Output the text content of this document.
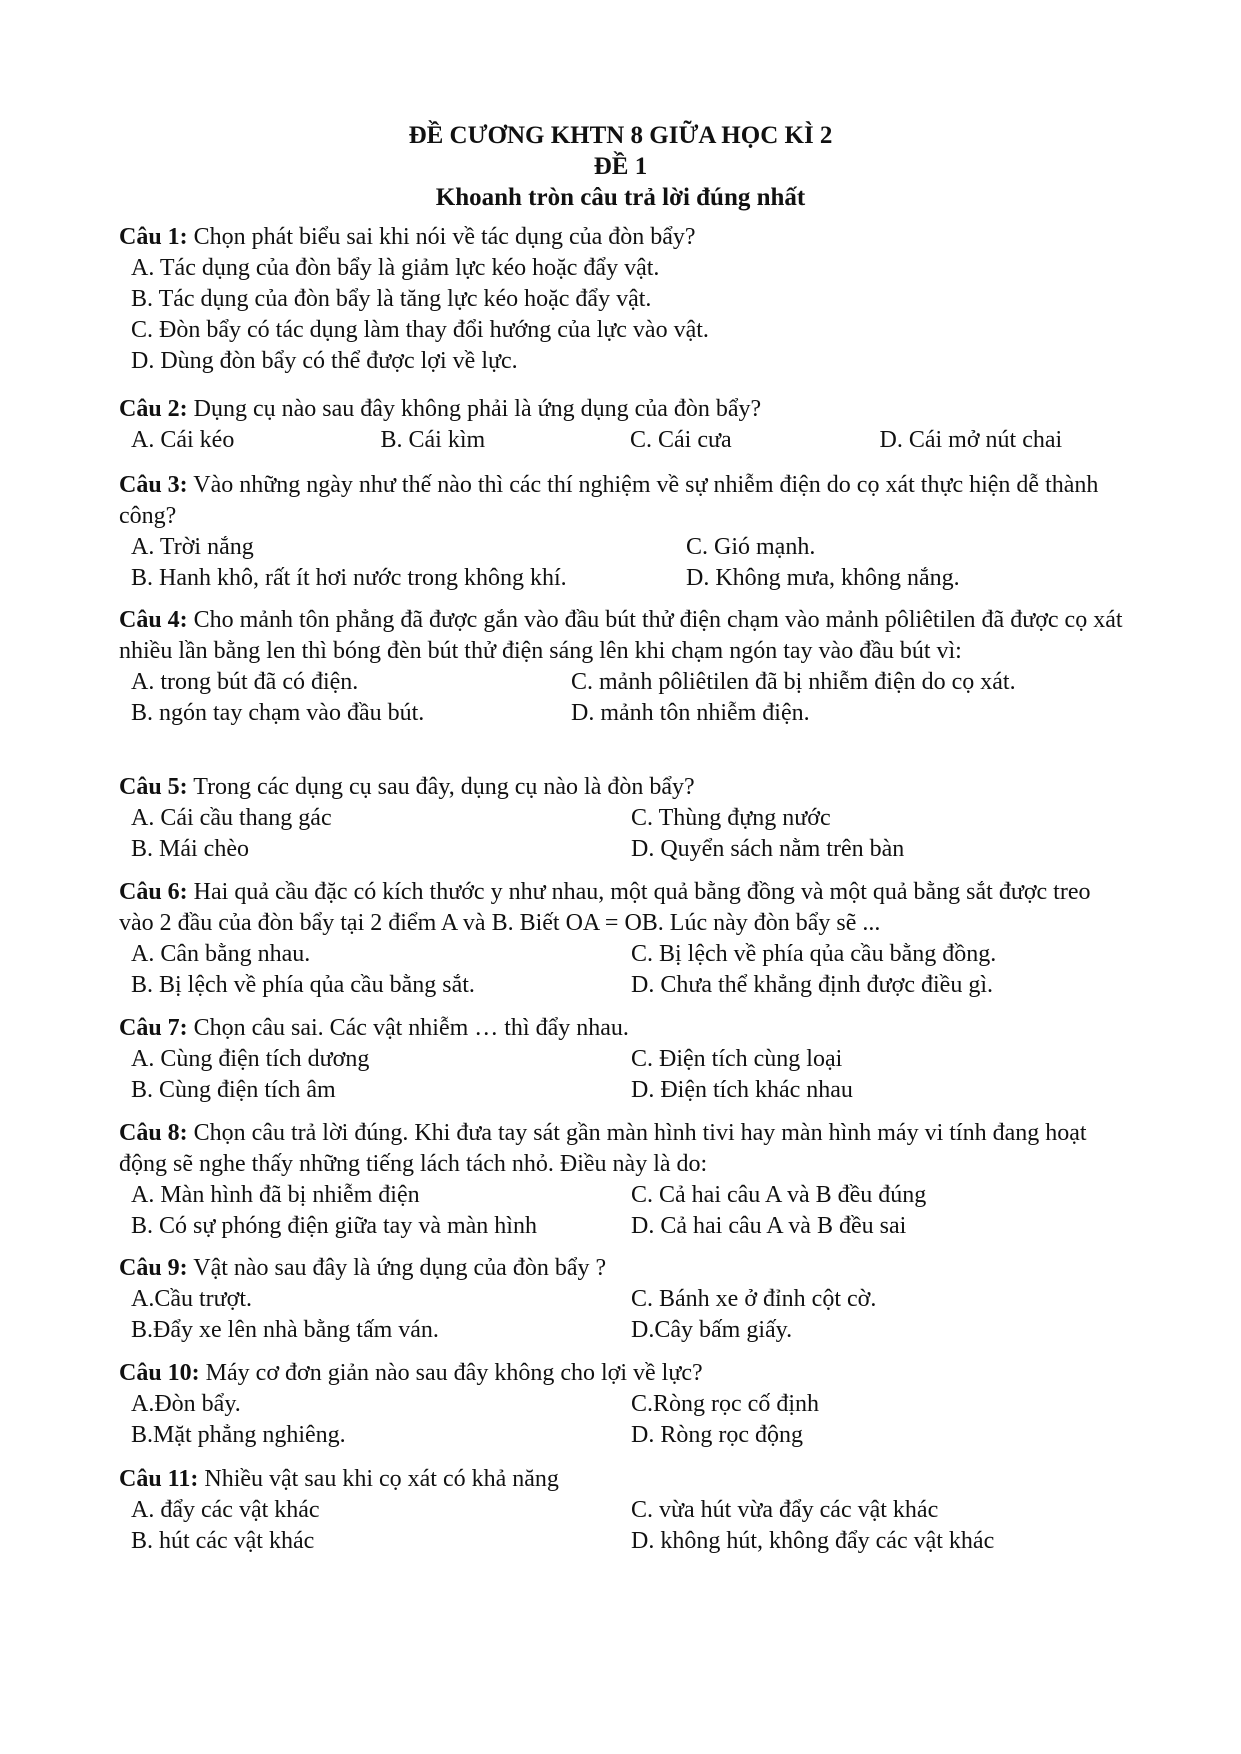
ĐỀ CƯƠNG KHTN 8 GIỮA HỌC KÌ 2
ĐỀ 1
Khoanh tròn câu trả lời đúng nhất
Câu 1: Chọn phát biểu sai khi nói về tác dụng của đòn bẩy?
A. Tác dụng của đòn bẩy là giảm lực kéo hoặc đẩy vật.
B. Tác dụng của đòn bẩy là tăng lực kéo hoặc đẩy vật.
C. Đòn bẩy có tác dụng làm thay đổi hướng của lực vào vật.
D. Dùng đòn bẩy có thể được lợi về lực.
Câu 2: Dụng cụ nào sau đây không phải là ứng dụng của đòn bẩy?
A. Cái kéo	B. Cái kìm	C. Cái cưa	D. Cái mở nút chai
Câu 3: Vào những ngày như thế nào thì các thí nghiệm về sự nhiễm điện do cọ xát thực hiện dễ thành công?
A. Trời nắng	C. Gió mạnh.
B. Hanh khô, rất ít hơi nước trong không khí.	D. Không mưa, không nắng.
Câu 4: Cho mảnh tôn phẳng đã được gắn vào đầu bút thử điện chạm vào mảnh pôliêtilen đã được cọ xát nhiều lần bằng len thì bóng đèn bút thử điện sáng lên khi chạm ngón tay vào đầu bút vì:
A. trong bút đã có điện.	C. mảnh pôliêtilen đã bị nhiễm điện do cọ xát.
B. ngón tay chạm vào đầu bút.	D. mảnh tôn nhiễm điện.
Câu 5: Trong các dụng cụ sau đây, dụng cụ nào là đòn bẩy?
A. Cái cầu thang gác	C. Thùng đựng nước
B. Mái chèo	D. Quyển sách nằm trên bàn
Câu 6: Hai quả cầu đặc có kích thước y như nhau, một quả bằng đồng và một quả bằng sắt được treo vào 2 đầu của đòn bẩy tại 2 điểm A và B. Biết OA = OB. Lúc này đòn bẩy sẽ ...
A. Cân bằng nhau.	C. Bị lệch về phía qủa cầu bằng đồng.
B. Bị lệch về phía qủa cầu bằng sắt.	D. Chưa thể khẳng định được điều gì.
Câu 7: Chọn câu sai. Các vật nhiễm … thì đẩy nhau.
A. Cùng điện tích dương	C. Điện tích cùng loại
B. Cùng điện tích âm	D. Điện tích khác nhau
Câu 8: Chọn câu trả lời đúng. Khi đưa tay sát gần màn hình tivi hay màn hình máy vi tính đang hoạt động sẽ nghe thấy những tiếng lách tách nhỏ. Điều này là do:
A. Màn hình đã bị nhiễm điện	C. Cả hai câu A và B đều đúng
B. Có sự phóng điện giữa tay và màn hình	D. Cả hai câu A và B đều sai
Câu 9: Vật nào sau đây là ứng dụng của đòn bẩy ?
A.Cầu trượt.	C. Bánh xe ở đỉnh cột cờ.
B.Đẩy xe lên nhà bằng tấm ván.	D.Cây bấm giấy.
Câu 10: Máy cơ đơn giản nào sau đây không cho lợi về lực?
A.Đòn bẩy.	C.Ròng rọc cố định
B.Mặt phẳng nghiêng.	D. Ròng rọc động
Câu 11: Nhiều vật sau khi cọ xát có khả năng
A. đẩy các vật khác	C. vừa hút vừa đẩy các vật khác
B. hút các vật khác	D. không hút, không đẩy các vật khác
